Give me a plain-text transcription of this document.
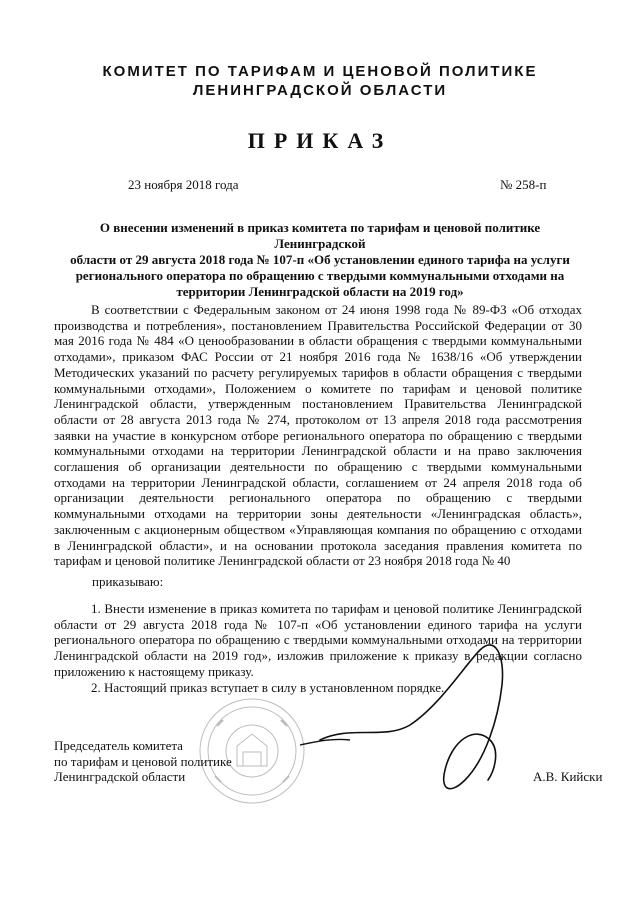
КОМИТЕТ ПО ТАРИФАМ И ЦЕНОВОЙ ПОЛИТИКЕ
ЛЕНИНГРАДСКОЙ ОБЛАСТИ
ПРИКАЗ
23 ноября 2018 года	№ 258-п
О внесении изменений в приказ комитета по тарифам и ценовой политике Ленинградской
области от 29 августа 2018 года № 107-п «Об установлении единого тарифа на услуги
регионального оператора по обращению с твердыми коммунальными отходами на
территории Ленинградской области на 2019 год»

В соответствии с Федеральным законом от 24 июня 1998 года № 89-ФЗ «Об отходах производства и потребления», постановлением Правительства Российской Федерации от 30 мая 2016 года № 484 «О ценообразовании в области обращения с твердыми коммунальными отходами», приказом ФАС России от 21 ноября 2016 года № 1638/16 «Об утверждении Методических указаний по расчету регулируемых тарифов в области обращения с твердыми коммунальными отходами», Положением о комитете по тарифам и ценовой политике Ленинградской области, утвержденным постановлением Правительства Ленинградской области от 28 августа 2013 года № 274, протоколом от 13 апреля 2018 года рассмотрения заявки на участие в конкурсном отборе регионального оператора по обращению с твердыми коммунальными отходами на территории Ленинградской области и на право заключения соглашения об организации деятельности по обращению с твердыми коммунальными отходами на территории Ленинградской области, соглашением от 24 апреля 2018 года об организации деятельности регионального оператора по обращению с твердыми коммунальными отходами на территории зоны деятельности «Ленинградская область», заключенным с акционерным обществом «Управляющая компания по обращению с отходами в Ленинградской области», и на основании протокола заседания правления комитета по тарифам и ценовой политике Ленинградской области от 23 ноября 2018 года № 40

приказываю:

1. Внести изменение в приказ комитета по тарифам и ценовой политике Ленинградской области от 29 августа 2018 года № 107-п «Об установлении единого тарифа на услуги регионального оператора по обращению с твердыми коммунальными отходами на территории Ленинградской области на 2019 год», изложив приложение к приказу в редакции согласно приложению к настоящему приказу.

2. Настоящий приказ вступает в силу в установленном порядке.

Председатель комитета
по тарифам и ценовой политике
Ленинградской области	А.В. Кийски
